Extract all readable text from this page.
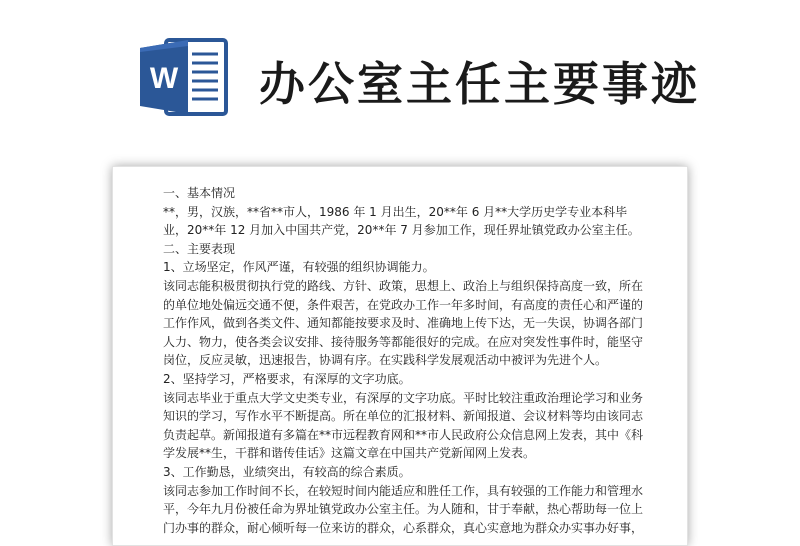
W 办公室主任主要事迹

一、基本情况

**，男，汉族，**省**市人，1986 年 1 月出生，20**年 6 月**大学历史学专业本科毕业，20**年 12 月加入中国共产党，20**年 7 月参加工作，现任界址镇党政办公室主任。

二、主要表现

1、立场坚定，作风严谨，有较强的组织协调能力。

该同志能积极贯彻执行党的路线、方针、政策，思想上、政治上与组织保持高度一致，所在的单位地处偏远交通不便，条件艰苦，在党政办工作一年多时间，有高度的责任心和严谨的工作作风，做到各类文件、通知都能按要求及时、准确地上传下达，无一失误，协调各部门人力、物力，使各类会议安排、接待服务等都能很好的完成。在应对突发性事件时，能坚守岗位，反应灵敏，迅速报告，协调有序。在实践科学发展观活动中被评为先进个人。

2、坚持学习，严格要求，有深厚的文字功底。

该同志毕业于重点大学文史类专业，有深厚的文字功底。平时比较注重政治理论学习和业务知识的学习，写作水平不断提高。所在单位的汇报材料、新闻报道、会议材料等均由该同志负责起草。新闻报道有多篇在**市远程教育网和**市人民政府公众信息网上发表，其中《科学发展**生，干群和谐传佳话》这篇文章在中国共产党新闻网上发表。

3、工作勤恳，业绩突出，有较高的综合素质。

该同志参加工作时间不长，在较短时间内能适应和胜任工作，具有较强的工作能力和管理水平，今年九月份被任命为界址镇党政办公室主任。为人随和，甘于奉献，热心帮助每一位上门办事的群众，耐心倾听每一位来访的群众，心系群众，真心实意地为群众办实事办好事，
